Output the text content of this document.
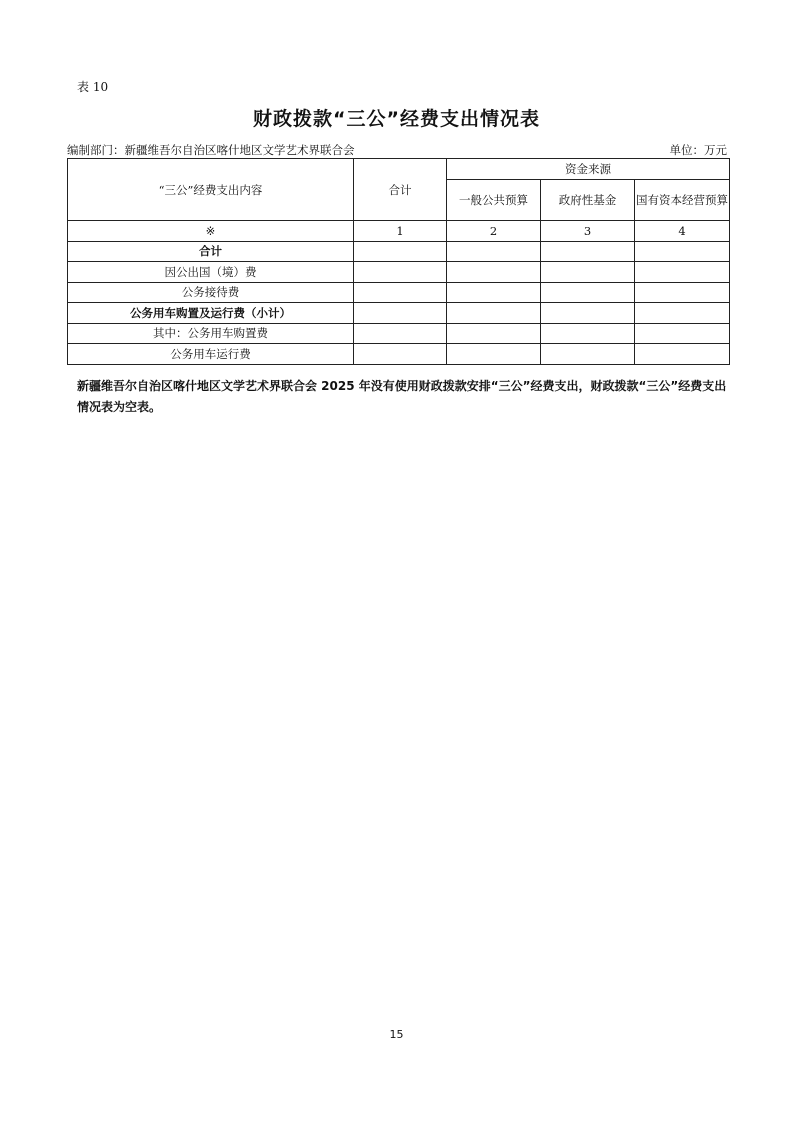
表 10
财政拨款“三公”经费支出情况表
编制部门：新疆维吾尔自治区喀什地区文学艺术界联合会	单位：万元
“三公”经费支出内容	合计	资金来源		
		一般公共预算	政府性基金	国有资本经营预算
※	1	2	3	4
合计				
因公出国（境）费				
公务接待费				
公务用车购置及运行费（小计）				
其中：公务用车购置费				
公务用车运行费				
新疆维吾尔自治区喀什地区文学艺术界联合会 2025 年没有使用财政拨款安排“三公”经费支出，财政拨款“三公”经费支出情况表为空表。
15
